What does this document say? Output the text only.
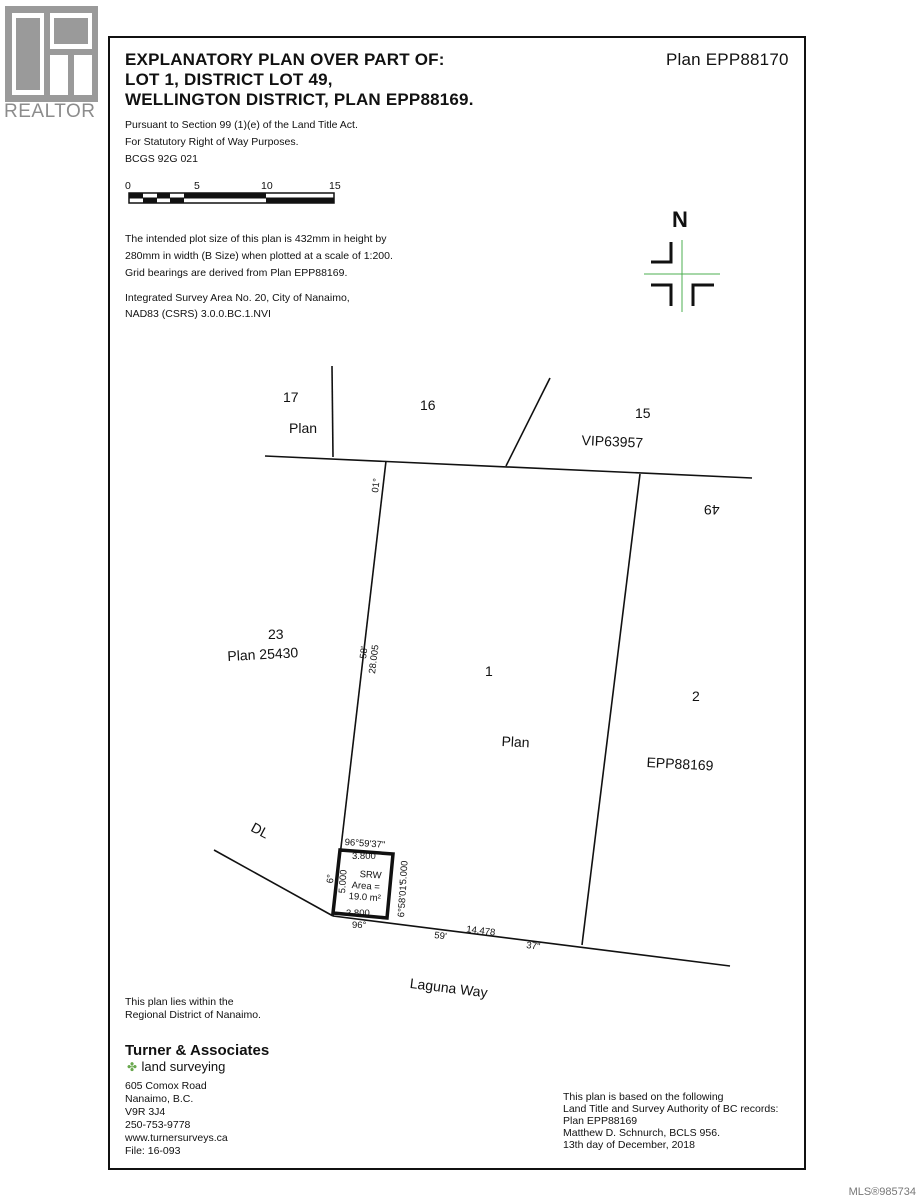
REALTOR
EXPLANATORY PLAN OVER PART OF:
LOT 1, DISTRICT LOT 49,
WELLINGTON DISTRICT, PLAN EPP88169.
Plan EPP88170
Pursuant to Section 99 (1)(e) of the Land Title Act.
For Statutory Right of Way Purposes.
BCGS 92G 021
0	5	10	15
The intended plot size of this plan is 432mm in height by
280mm in width (B Size) when plotted at a scale of 1:200.
Grid bearings are derived from Plan EPP88169.
Integrated Survey Area No. 20, City of Nanaimo,
NAD83 (CSRS) 3.0.0.BC.1.NVI
N
17
Plan
16	15
VIP63957
49
23
Plan 25430
1
Plan
2
EPP88169
DL
Laguna Way
01°
58'
28.005
96°59'37"
3.800
6° 5.000
6°58'01"
5.000
3.800
SRW
Area =
19.0 m²
96°
59' 14.478
37"
This plan lies within the
Regional District of Nanaimo.
Turner & Associates
✤ land surveying
605 Comox Road
Nanaimo, B.C.
V9R 3J4
250-753-9778
www.turnersurveys.ca
File: 16-093
This plan is based on the following
Land Title and Survey Authority of BC records:
Plan EPP88169
Matthew D. Schnurch, BCLS 956.
13th day of December, 2018
MLS®985734
